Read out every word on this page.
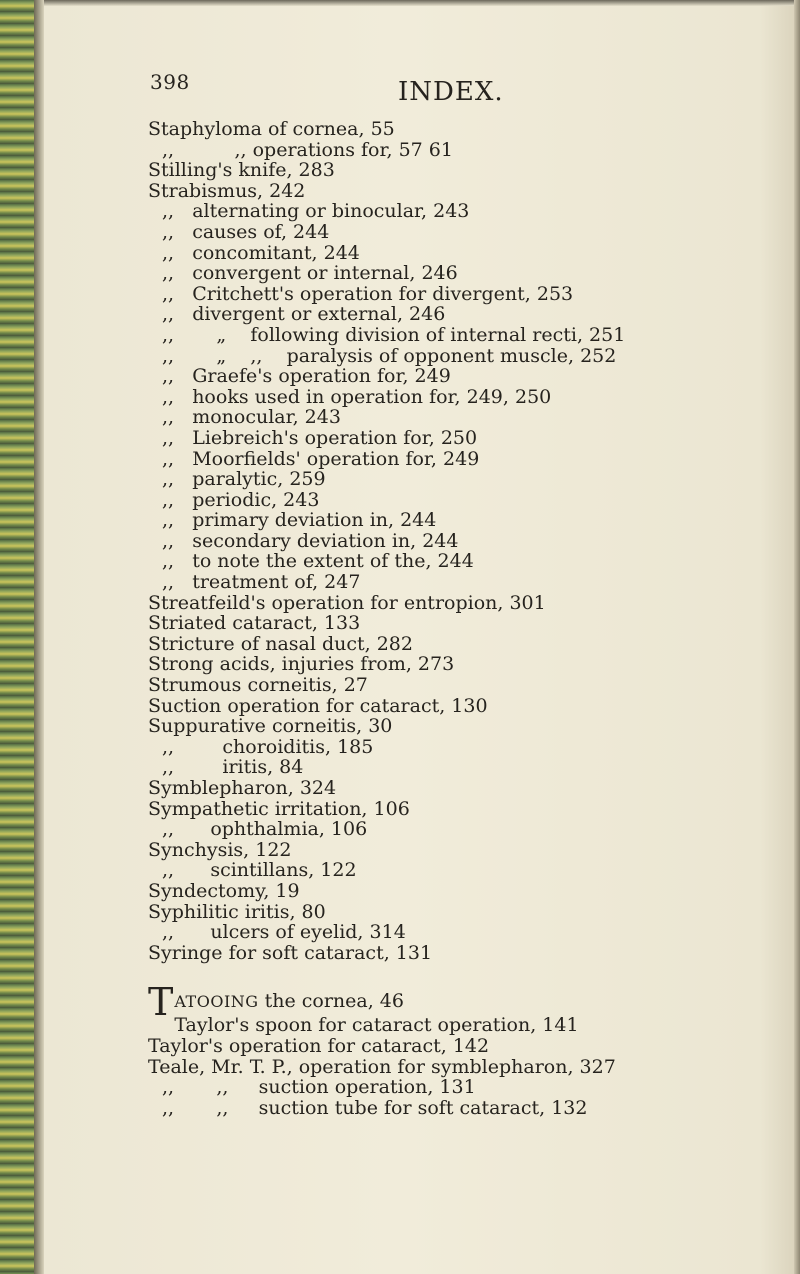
398	INDEX.
Staphyloma of cornea, 55
,,          ,, operations for, 57 61
Stilling's knife, 283
Strabismus, 242
,,   alternating or binocular, 243
,,   causes of, 244
,,   concomitant, 244
,,   convergent or internal, 246
,,   Critchett's operation for divergent, 253
,,   divergent or external, 246
,,       „    following division of internal recti, 251
,,       „    ,,    paralysis of opponent muscle, 252
,,   Graefe's operation for, 249
,,   hooks used in operation for, 249, 250
,,   monocular, 243
,,   Liebreich's operation for, 250
,,   Moorfields' operation for, 249
,,   paralytic, 259
,,   periodic, 243
,,   primary deviation in, 244
,,   secondary deviation in, 244
,,   to note the extent of the, 244
,,   treatment of, 247
Streatfeild's operation for entropion, 301
Striated cataract, 133
Stricture of nasal duct, 282
Strong acids, injuries from, 273
Strumous corneitis, 27
Suction operation for cataract, 130
Suppurative corneitis, 30
,,        choroiditis, 185
,,        iritis, 84
Symblepharon, 324
Sympathetic irritation, 106
,,      ophthalmia, 106
Synchysis, 122
,,      scintillans, 122
Syndectomy, 19
Syphilitic iritis, 80
,,      ulcers of eyelid, 314
Syringe for soft cataract, 131
TATOOING the cornea, 46
Taylor's spoon for cataract operation, 141
Taylor's operation for cataract, 142
Teale, Mr. T. P., operation for symblepharon, 327
,,       ,,     suction operation, 131
,,       ,,     suction tube for soft cataract, 132
